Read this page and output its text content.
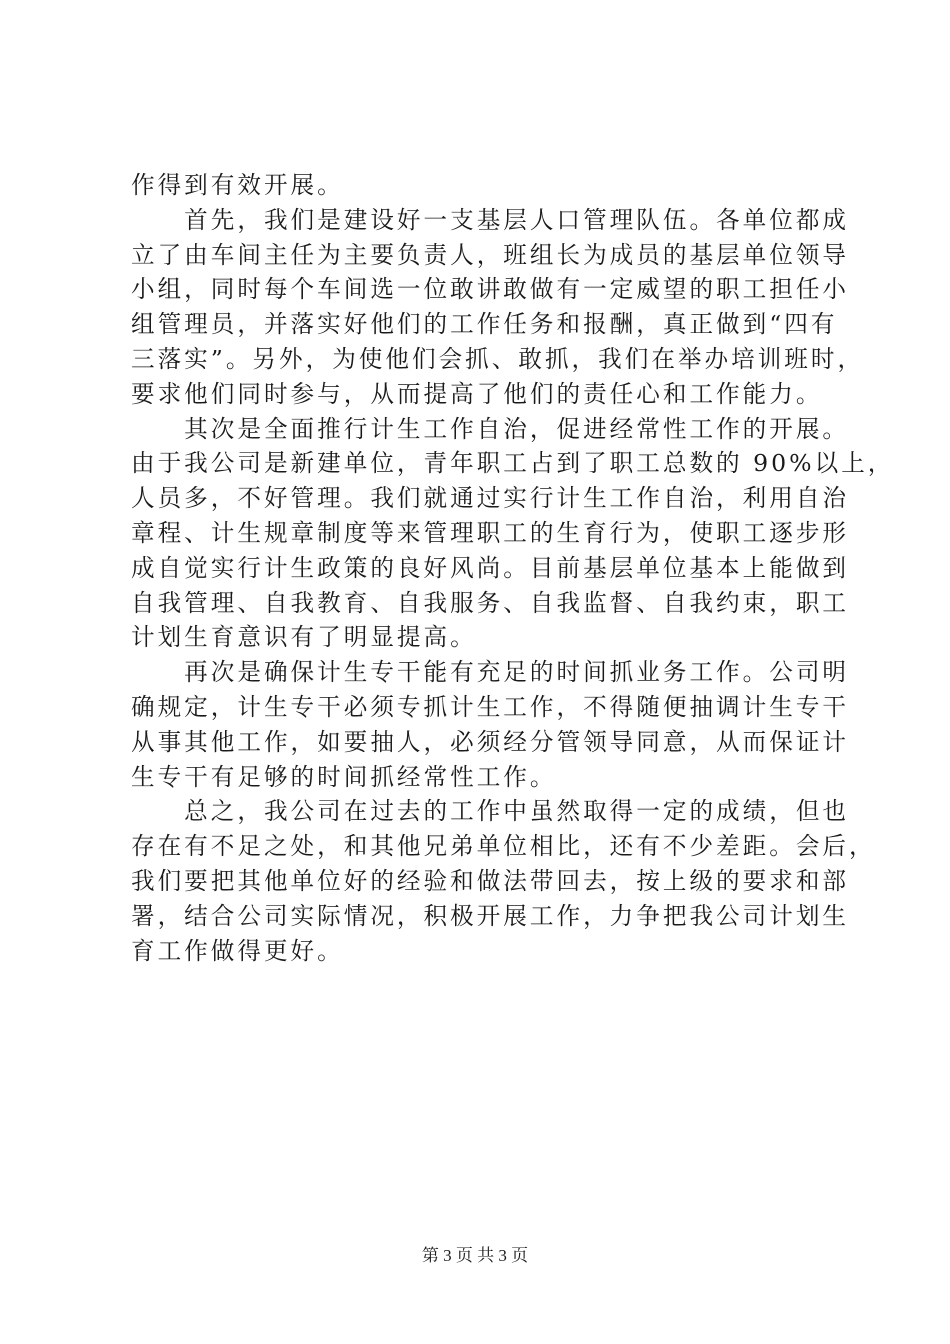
作得到有效开展。
　　首先，我们是建设好一支基层人口管理队伍。各单位都成
立了由车间主任为主要负责人，班组长为成员的基层单位领导
小组，同时每个车间选一位敢讲敢做有一定威望的职工担任小
组管理员，并落实好他们的工作任务和报酬，真正做到“四有
三落实”。另外，为使他们会抓、敢抓，我们在举办培训班时，
要求他们同时参与，从而提高了他们的责任心和工作能力。
　　其次是全面推行计生工作自治，促进经常性工作的开展。
由于我公司是新建单位，青年职工占到了职工总数的 90%以上，
人员多，不好管理。我们就通过实行计生工作自治，利用自治
章程、计生规章制度等来管理职工的生育行为，使职工逐步形
成自觉实行计生政策的良好风尚。目前基层单位基本上能做到
自我管理、自我教育、自我服务、自我监督、自我约束，职工
计划生育意识有了明显提高。
　　再次是确保计生专干能有充足的时间抓业务工作。公司明
确规定，计生专干必须专抓计生工作，不得随便抽调计生专干
从事其他工作，如要抽人，必须经分管领导同意，从而保证计
生专干有足够的时间抓经常性工作。
　　总之，我公司在过去的工作中虽然取得一定的成绩，但也
存在有不足之处，和其他兄弟单位相比，还有不少差距。会后，
我们要把其他单位好的经验和做法带回去，按上级的要求和部
署，结合公司实际情况，积极开展工作，力争把我公司计划生
育工作做得更好。
第 3 页 共 3 页
